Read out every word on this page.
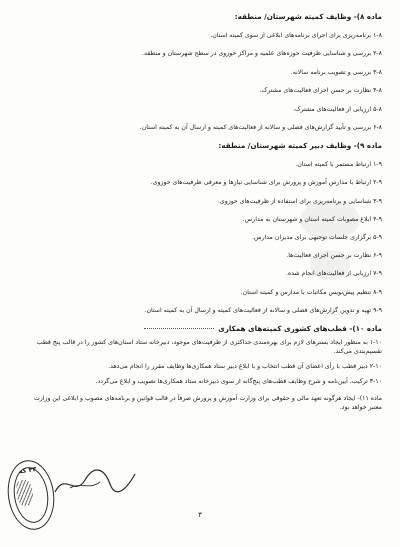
ماده ۸)- وظایف کمیته شهرستان/ منطقه:
۱-۸ برنامه‌ریزی برای اجرای برنامه‌های ابلاغی از سوی کمیته استان.
۲-۸ بررسی و شناسایی ظرفیت حوزه‌های علمیه و مراکز حوزوی در سطح شهرستان و منطقه.
۳-۸ بررسی و تصویب برنامه سالانه.
۴-۸ نظارت بر حسن اجرای فعالیت‌های مشترک.
۵-۸ ارزیابی از فعالیت‌های مشترک.
۶-۸ بررسی و تأیید گزارش‌های فصلی و سالانه از فعالیت‌های کمیته و ارسال آن به کمیته استان.
ماده ۹)- وظایف دبیر کمیته شهرستان/ منطقه:
۱-۹ ارتباط مستمر با کمیته استان.
۲-۹ ارتباط با مدارس آموزش و پرورش برای شناسایی نیازها و معرفی ظرفیت‌های حوزوی.
۳-۹ شناسایی و برنامه‌ریزی برای استفاده از ظرفیت‌های حوزوی.
۴-۹ ابلاغ مصوبات کمیته استان و شهرستان به مدارس.
۵-۹ برگزاری جلسات توجیهی برای مدیران مدارس.
۶-۹ نظارت بر حسن اجرای فعالیت‌ها.
۷-۹ ارزیابی از فعالیت‌های انجام شده.
۸-۹ تنظیم پیش‌نویس مکاتبات با مدارس و کمیته استان.
۹-۹ تهیه و تدوین گزارش‌های فصلی و سالانه از فعالیت‌های کمیته و ارسال آن به کمیته استان.
ماده ۱۰)- قطب‌های کشوری کمیته‌های همکاری
۱-۱۰ به منظور ایجاد بسترهای لازم برای بهره‌مندی حداکثری از ظرفیت‌های موجود، دبیرخانه ستاد استان‌های کشور را در قالب پنج قطب تقسیم‌بندی می‌کند.
۲-۱۰ دبیر قطب با رأی اعضای آن قطب انتخاب و با ابلاغ دبیر ستاد همکاری‌ها وظایف مقرر را انجام می‌دهد.
۳-۱۰ ترکیب، آیین‌نامه و شرح وظایف قطب‌های پنج‌گانه از سوی دبیرخانه ستاد همکاری‌ها تصویب و ابلاغ می‌گردد.
ماده ۱۱)- ایجاد هرگونه تعهد مالی و حقوقی برای وزارت آموزش و پرورش صرفاً در قالب قوانین و برنامه‌های مصوب و ابلاغی این وزارت معتبر خواهد بود.
۴۳ که
۳
